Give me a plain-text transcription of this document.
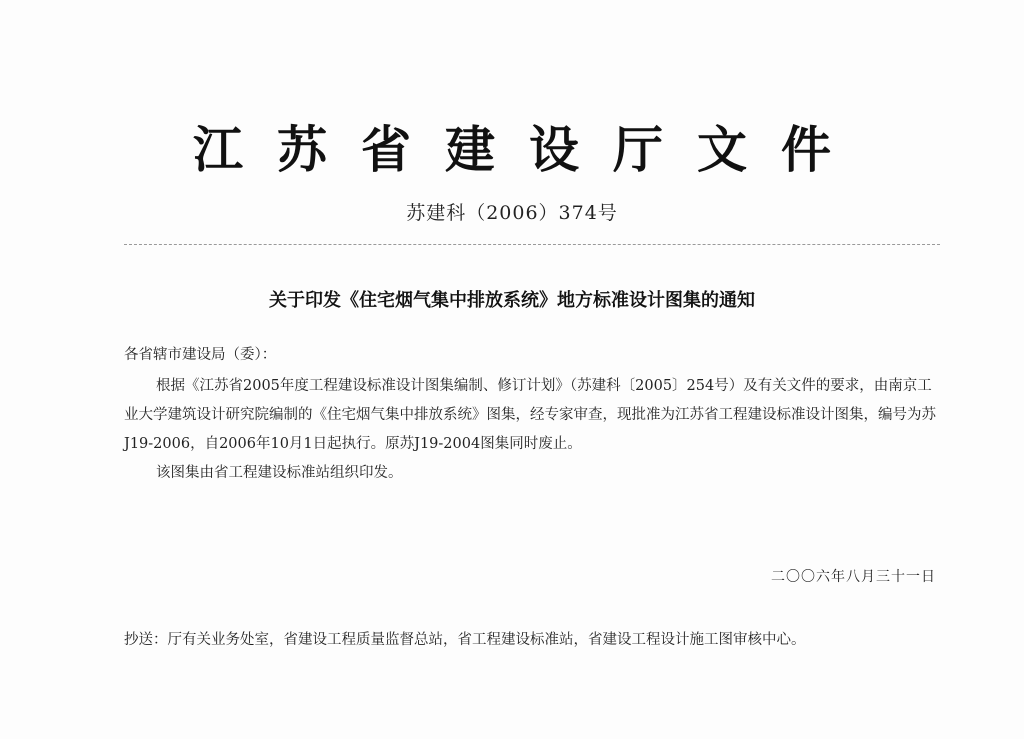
江苏省建设厅文件
苏建科（2006）374号
关于印发《住宅烟气集中排放系统》地方标准设计图集的通知
各省辖市建设局（委）：

根据《江苏省2005年度工程建设标准设计图集编制、修订计划》（苏建科〔2005〕254号）及有关文件的要求，由南京工业大学建筑设计研究院编制的《住宅烟气集中排放系统》图集，经专家审查，现批准为江苏省工程建设标准设计图集，编号为苏J19-2006，自2006年10月1日起执行。原苏J19-2004图集同时废止。

该图集由省工程建设标准站组织印发。

二〇〇六年八月三十一日
抄送：厅有关业务处室，省建设工程质量监督总站，省工程建设标准站，省建设工程设计施工图审核中心。
